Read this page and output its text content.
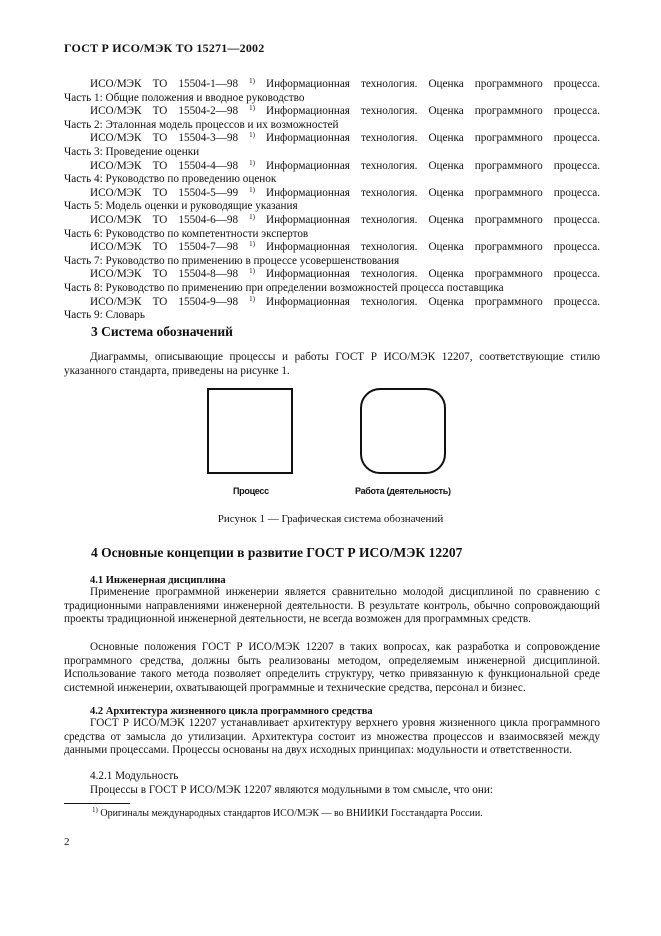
ГОСТ Р ИСО/МЭК ТО 15271—2002
ИСО/МЭК ТО 15504-1—98 $^{1)}$ Информационная технология. Оценка программного процесса.
Часть 1: Общие положения и вводное руководство
ИСО/МЭК ТО 15504-2—98 $^{1)}$ Информационная технология. Оценка программного процесса.
Часть 2: Эталонная модель процессов и их возможностей
ИСО/МЭК ТО 15504-3—98 $^{1)}$ Информационная технология. Оценка программного процесса.
Часть 3: Проведение оценки
ИСО/МЭК ТО 15504-4—98 $^{1)}$ Информационная технология. Оценка программного процесса.
Часть 4: Руководство по проведению оценок
ИСО/МЭК ТО 15504-5—99 $^{1)}$ Информационная технология. Оценка программного процесса.
Часть 5: Модель оценки и руководящие указания
ИСО/МЭК ТО 15504-6—98 $^{1)}$ Информационная технология. Оценка программного процесса.
Часть 6: Руководство по компетентности экспертов
ИСО/МЭК ТО 15504-7—98 $^{1)}$ Информационная технология. Оценка программного процесса.
Часть 7: Руководство по применению в процессе усовершенствования
ИСО/МЭК ТО 15504-8—98 $^{1)}$ Информационная технология. Оценка программного процесса.
Часть 8: Руководство по применению при определении возможностей процесса поставщика
ИСО/МЭК ТО 15504-9—98 $^{1)}$ Информационная технология. Оценка программного процесса.
Часть 9: Словарь
3 Система обозначений
Диаграммы, описывающие процессы и работы ГОСТ Р ИСО/МЭК 12207, соответствующие стилю указанного стандарта, приведены на рисунке 1.
Процесс	Работа (деятельность)
Рисунок 1 — Графическая система обозначений
4 Основные концепции в развитие ГОСТ Р ИСО/МЭК 12207
4.1 Инженерная дисциплина
Применение программной инженерии является сравнительно молодой дисциплиной по сравнению с традиционными направлениями инженерной деятельности. В результате контроль, обычно сопровождающий проекты традиционной инженерной деятельности, не всегда возможен для программных средств.
Основные положения ГОСТ Р ИСО/МЭК 12207 в таких вопросах, как разработка и сопровождение программного средства, должны быть реализованы методом, определяемым инженерной дисциплиной. Использование такого метода позволяет определить структуру, четко привязанную к функциональной среде системной инженерии, охватывающей программные и технические средства, персонал и бизнес.
4.2 Архитектура жизненного цикла программного средства
ГОСТ Р ИСО/МЭК 12207 устанавливает архитектуру верхнего уровня жизненного цикла программного средства от замысла до утилизации. Архитектура состоит из множества процессов и взаимосвязей между данными процессами. Процессы основаны на двух исходных принципах: модульности и ответственности.
4.2.1 Модульность
Процессы в ГОСТ Р ИСО/МЭК 12207 являются модульными в том смысле, что они:
$^{1)}$ Оригиналы международных стандартов ИСО/МЭК — во ВНИИКИ Госстандарта России.
2
